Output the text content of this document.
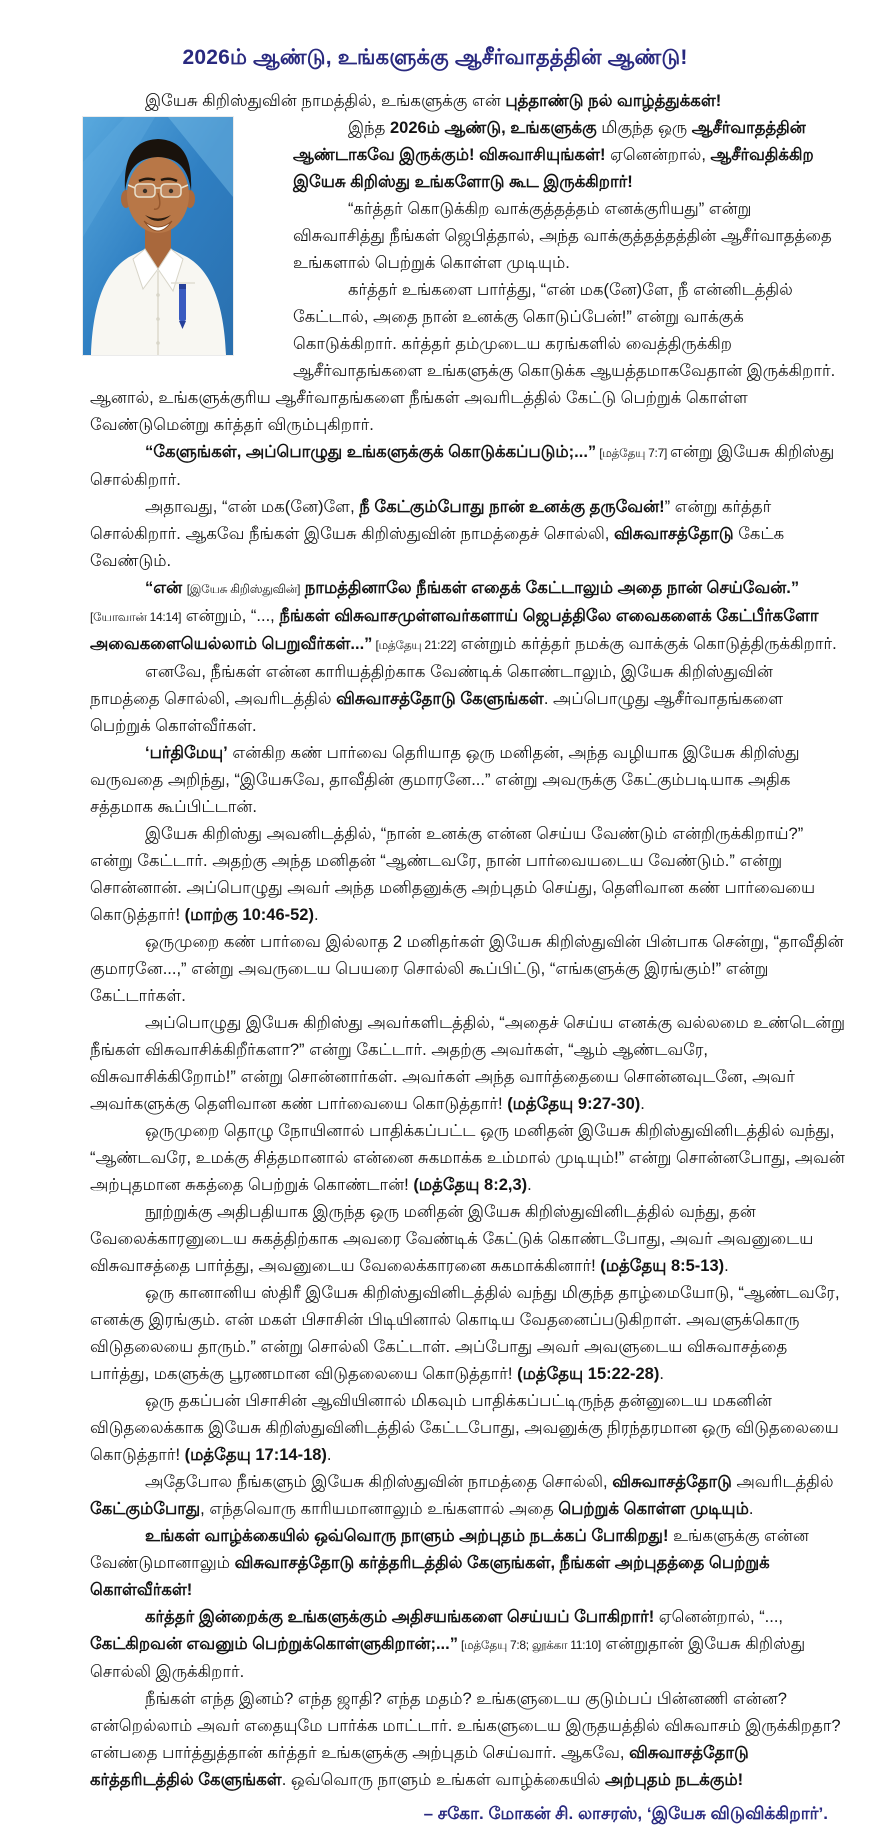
2026ம் ஆண்டு, உங்களுக்கு ஆசீர்வாதத்தின் ஆண்டு!

இயேசு கிறிஸ்துவின் நாமத்தில், உங்களுக்கு என் புத்தாண்டு நல் வாழ்த்துக்கள்!

இந்த 2026ம் ஆண்டு, உங்களுக்கு மிகுந்த ஒரு ஆசீர்வாதத்தின் ஆண்டாகவே இருக்கும்! விசுவாசியுங்கள்! ஏனென்றால், ஆசீர்வதிக்கிற இயேசு கிறிஸ்து உங்களோடு கூட இருக்கிறார்!

“கர்த்தர் கொடுக்கிற வாக்குத்தத்தம் எனக்குரியது” என்று விசுவாசித்து நீங்கள் ஜெபித்தால், அந்த வாக்குத்தத்தத்தின் ஆசீர்வாதத்தை உங்களால் பெற்றுக் கொள்ள முடியும்.

கர்த்தர் உங்களை பார்த்து, “என் மக(னே)ளே, நீ என்னிடத்தில் கேட்டால், அதை நான் உனக்கு கொடுப்பேன்!” என்று வாக்குக் கொடுக்கிறார். கர்த்தர் தம்முடைய கரங்களில் வைத்திருக்கிற ஆசீர்வாதங்களை உங்களுக்கு கொடுக்க ஆயத்தமாகவேதான் இருக்கிறார். ஆனால், உங்களுக்குரிய ஆசீர்வாதங்களை நீங்கள் அவரிடத்தில் கேட்டு பெற்றுக் கொள்ள வேண்டுமென்று கர்த்தர் விரும்புகிறார்.

“கேளுங்கள், அப்பொழுது உங்களுக்குக் கொடுக்கப்படும்;...” [மத்தேயு 7:7] என்று இயேசு கிறிஸ்து சொல்கிறார்.

அதாவது, “என் மக(னே)ளே, நீ கேட்கும்போது நான் உனக்கு தருவேன்!” என்று கர்த்தர் சொல்கிறார். ஆகவே நீங்கள் இயேசு கிறிஸ்துவின் நாமத்தைச் சொல்லி, விசுவாசத்தோடு கேட்க வேண்டும்.

“என் [இயேசு கிறிஸ்துவின்] நாமத்தினாலே நீங்கள் எதைக் கேட்டாலும் அதை நான் செய்வேன்.” [யோவான் 14:14] என்றும், “..., நீங்கள் விசுவாசமுள்ளவர்களாய் ஜெபத்திலே எவைகளைக் கேட்பீர்களோ அவைகளையெல்லாம் பெறுவீர்கள்...” [மத்தேயு 21:22] என்றும் கர்த்தர் நமக்கு வாக்குக் கொடுத்திருக்கிறார்.

எனவே, நீங்கள் என்ன காரியத்திற்காக வேண்டிக் கொண்டாலும், இயேசு கிறிஸ்துவின் நாமத்தை சொல்லி, அவரிடத்தில் விசுவாசத்தோடு கேளுங்கள். அப்பொழுது ஆசீர்வாதங்களை பெற்றுக் கொள்வீர்கள்.

‘பர்திமேயு’ என்கிற கண் பார்வை தெரியாத ஒரு மனிதன், அந்த வழியாக இயேசு கிறிஸ்து வருவதை அறிந்து, “இயேசுவே, தாவீதின் குமாரனே...” என்று அவருக்கு கேட்கும்படியாக அதிக சத்தமாக கூப்பிட்டான்.

இயேசு கிறிஸ்து அவனிடத்தில், “நான் உனக்கு என்ன செய்ய வேண்டும் என்றிருக்கிறாய்?” என்று கேட்டார். அதற்கு அந்த மனிதன் “ஆண்டவரே, நான் பார்வையடைய வேண்டும்.” என்று சொன்னான். அப்பொழுது அவர் அந்த மனிதனுக்கு அற்புதம் செய்து, தெளிவான கண் பார்வையை கொடுத்தார்! (மாற்கு 10:46-52).

ஒருமுறை கண் பார்வை இல்லாத 2 மனிதர்கள் இயேசு கிறிஸ்துவின் பின்பாக சென்று, “தாவீதின் குமாரனே...,” என்று அவருடைய பெயரை சொல்லி கூப்பிட்டு, “எங்களுக்கு இரங்கும்!” என்று கேட்டார்கள்.

அப்பொழுது இயேசு கிறிஸ்து அவர்களிடத்தில், “அதைச் செய்ய எனக்கு வல்லமை உண்டென்று நீங்கள் விசுவாசிக்கிறீர்களா?” என்று கேட்டார். அதற்கு அவர்கள், “ஆம் ஆண்டவரே, விசுவாசிக்கிறோம்!” என்று சொன்னார்கள். அவர்கள் அந்த வார்த்தையை சொன்னவுடனே, அவர் அவர்களுக்கு தெளிவான கண் பார்வையை கொடுத்தார்! (மத்தேயு 9:27-30).

ஒருமுறை தொழு நோயினால் பாதிக்கப்பட்ட ஒரு மனிதன் இயேசு கிறிஸ்துவினிடத்தில் வந்து, “ஆண்டவரே, உமக்கு சித்தமானால் என்னை சுகமாக்க உம்மால் முடியும்!” என்று சொன்னபோது, அவன் அற்புதமான சுகத்தை பெற்றுக் கொண்டான்! (மத்தேயு 8:2,3).

நூற்றுக்கு அதிபதியாக இருந்த ஒரு மனிதன் இயேசு கிறிஸ்துவினிடத்தில் வந்து, தன் வேலைக்காரனுடைய சுகத்திற்காக அவரை வேண்டிக் கேட்டுக் கொண்டபோது, அவர் அவனுடைய விசுவாசத்தை பார்த்து, அவனுடைய வேலைக்காரனை சுகமாக்கினார்! (மத்தேயு 8:5-13).

ஒரு கானானிய ஸ்திரீ இயேசு கிறிஸ்துவினிடத்தில் வந்து மிகுந்த தாழ்மையோடு, “ஆண்டவரே, எனக்கு இரங்கும். என் மகள் பிசாசின் பிடியினால் கொடிய வேதனைப்படுகிறாள். அவளுக்கொரு விடுதலையை தாரும்.” என்று சொல்லி கேட்டாள். அப்போது அவர் அவளுடைய விசுவாசத்தை பார்த்து, மகளுக்கு பூரணமான விடுதலையை கொடுத்தார்! (மத்தேயு 15:22-28).

ஒரு தகப்பன் பிசாசின் ஆவியினால் மிகவும் பாதிக்கப்பட்டிருந்த தன்னுடைய மகனின் விடுதலைக்காக இயேசு கிறிஸ்துவினிடத்தில் கேட்டபோது, அவனுக்கு நிரந்தரமான ஒரு விடுதலையை கொடுத்தார்! (மத்தேயு 17:14-18).

அதேபோல நீங்களும் இயேசு கிறிஸ்துவின் நாமத்தை சொல்லி, விசுவாசத்தோடு அவரிடத்தில் கேட்கும்போது, எந்தவொரு காரியமானாலும் உங்களால் அதை பெற்றுக் கொள்ள முடியும்.

உங்கள் வாழ்க்கையில் ஒவ்வொரு நாளும் அற்புதம் நடக்கப் போகிறது! உங்களுக்கு என்ன வேண்டுமானாலும் விசுவாசத்தோடு கர்த்தரிடத்தில் கேளுங்கள், நீங்கள் அற்புதத்தை பெற்றுக் கொள்வீர்கள்!

கர்த்தர் இன்றைக்கு உங்களுக்கும் அதிசயங்களை செய்யப் போகிறார்! ஏனென்றால், “..., கேட்கிறவன் எவனும் பெற்றுக்கொள்ளுகிறான்;...” [மத்தேயு 7:8; லூக்கா 11:10] என்றுதான் இயேசு கிறிஸ்து சொல்லி இருக்கிறார்.

நீங்கள் எந்த இனம்? எந்த ஜாதி? எந்த மதம்? உங்களுடைய குடும்பப் பின்னணி என்ன? என்றெல்லாம் அவர் எதையுமே பார்க்க மாட்டார். உங்களுடைய இருதயத்தில் விசுவாசம் இருக்கிறதா? என்பதை பார்த்துத்தான் கர்த்தர் உங்களுக்கு அற்புதம் செய்வார். ஆகவே, விசுவாசத்தோடு கர்த்தரிடத்தில் கேளுங்கள். ஒவ்வொரு நாளும் உங்கள் வாழ்க்கையில் அற்புதம் நடக்கும்!

– சகோ. மோகன் சி. லாசரஸ், ‘இயேசு விடுவிக்கிறார்’.
